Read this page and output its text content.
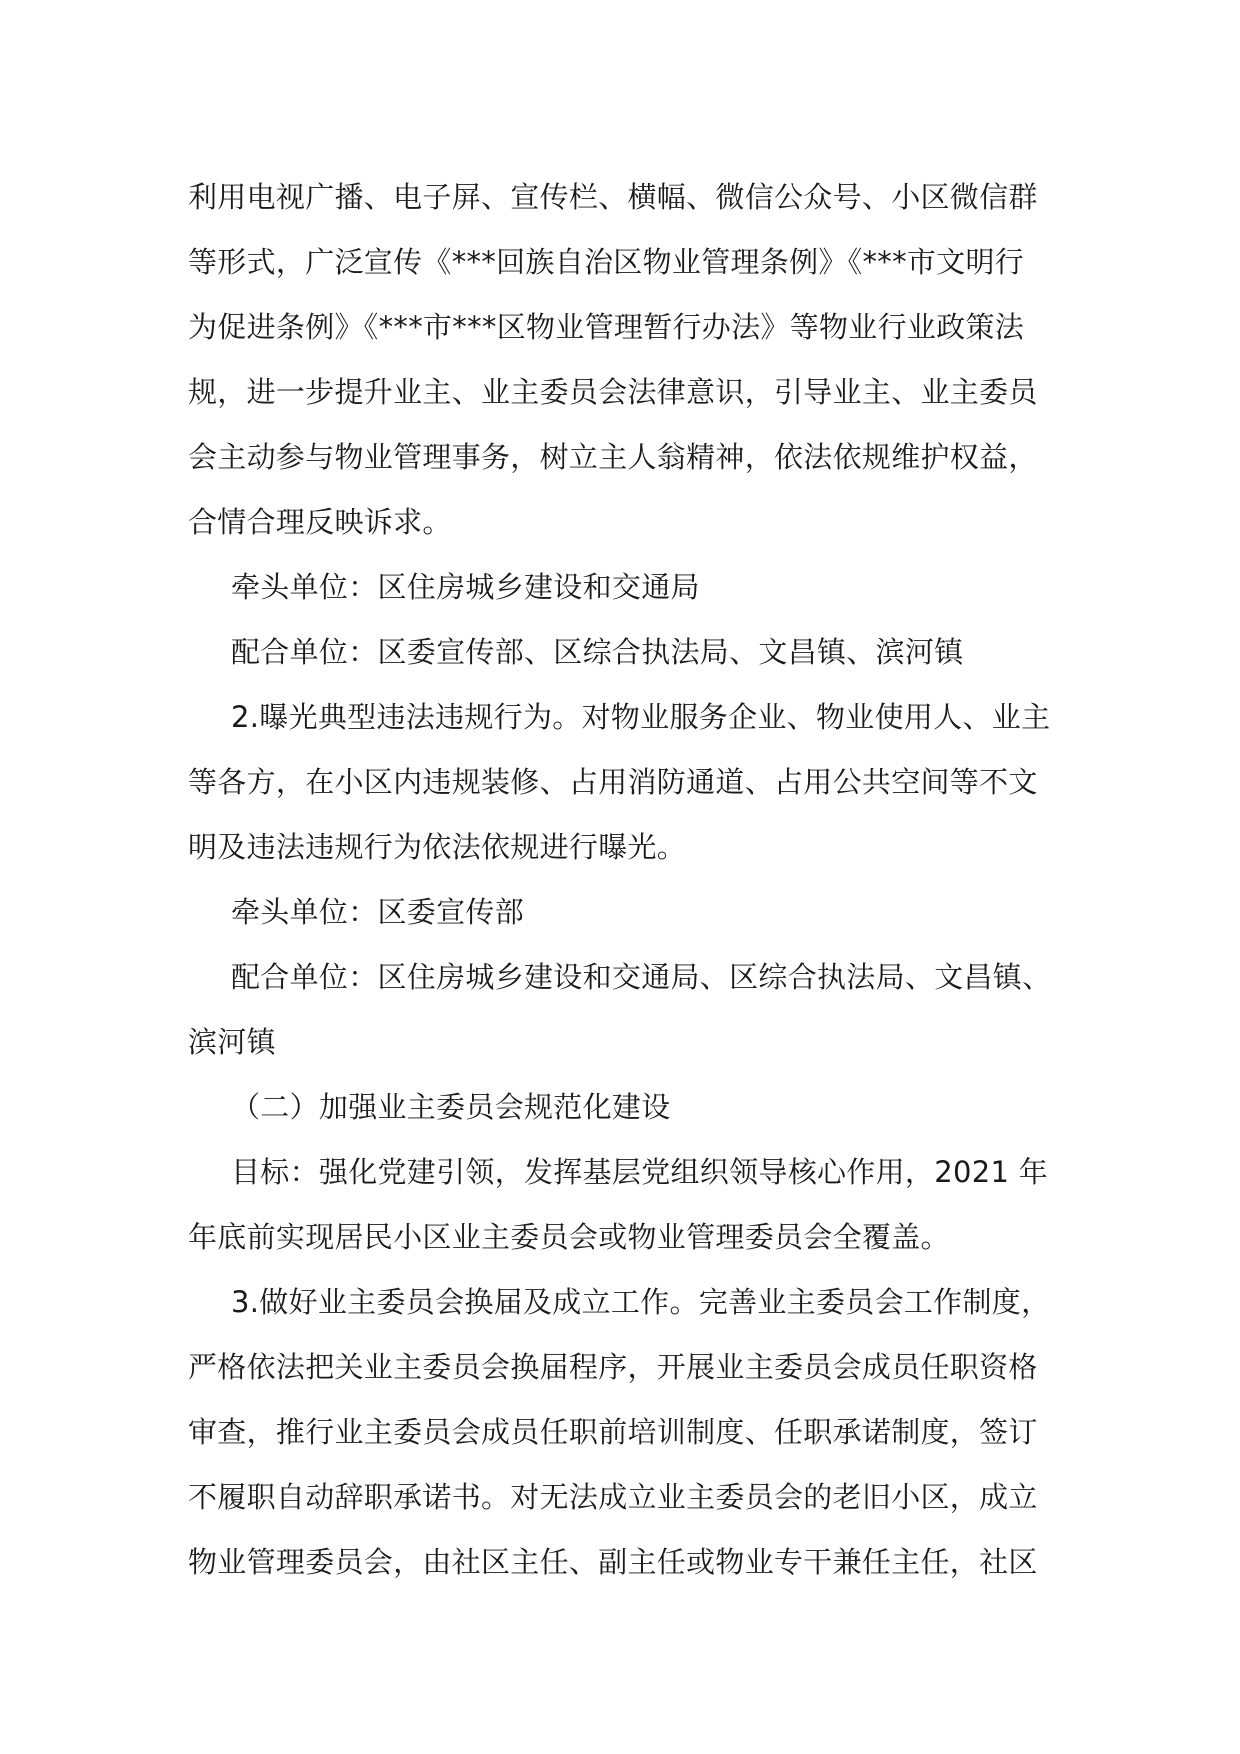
利用电视广播、电子屏、宣传栏、横幅、微信公众号、小区微信群
等形式，广泛宣传《***回族自治区物业管理条例》《***市文明行
为促进条例》《***市***区物业管理暂行办法》等物业行业政策法
规，进一步提升业主、业主委员会法律意识，引导业主、业主委员
会主动参与物业管理事务，树立主人翁精神，依法依规维护权益，
合情合理反映诉求。
牵头单位：区住房城乡建设和交通局
配合单位：区委宣传部、区综合执法局、文昌镇、滨河镇
2.曝光典型违法违规行为。对物业服务企业、物业使用人、业主
等各方，在小区内违规装修、占用消防通道、占用公共空间等不文
明及违法违规行为依法依规进行曝光。
牵头单位：区委宣传部
配合单位：区住房城乡建设和交通局、区综合执法局、文昌镇、
滨河镇
（二）加强业主委员会规范化建设
目标：强化党建引领，发挥基层党组织领导核心作用，2021 年
年底前实现居民小区业主委员会或物业管理委员会全覆盖。
3.做好业主委员会换届及成立工作。完善业主委员会工作制度，
严格依法把关业主委员会换届程序，开展业主委员会成员任职资格
审查，推行业主委员会成员任职前培训制度、任职承诺制度，签订
不履职自动辞职承诺书。对无法成立业主委员会的老旧小区，成立
物业管理委员会，由社区主任、副主任或物业专干兼任主任，社区
